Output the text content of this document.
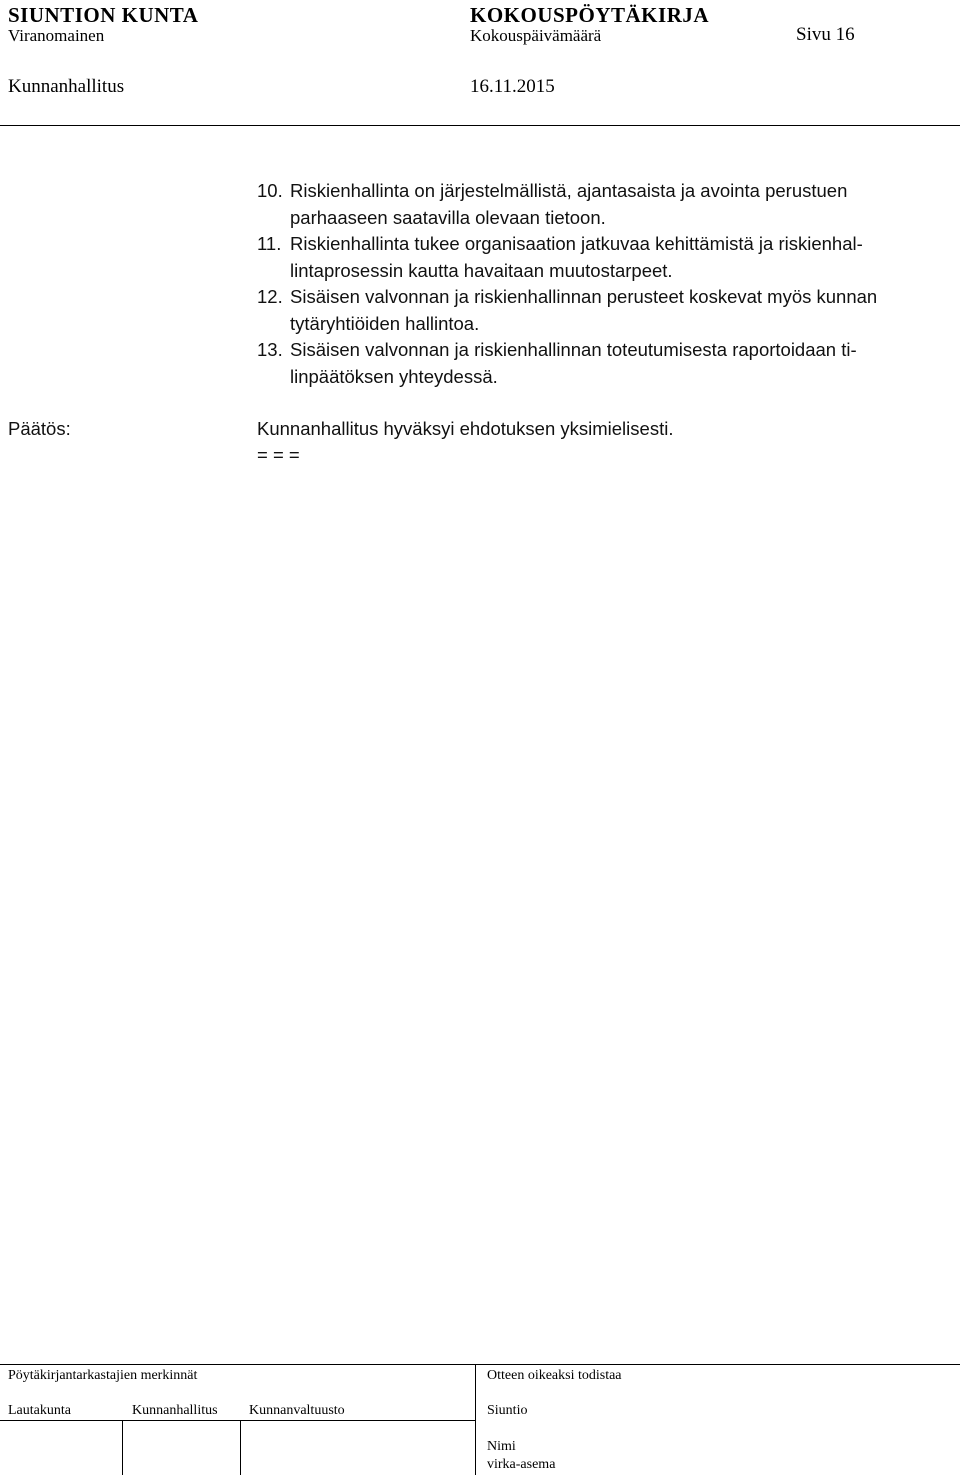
SIUNTION KUNTA	KOKOUSPÖYTÄKIRJA
Viranomainen	Kokouspäivämäärä	Sivu 16
Kunnanhallitus	16.11.2015
10. Riskienhallinta on järjestelmällistä, ajantasaista ja avointa perustuen parhaaseen saatavilla olevaan tietoon.
11. Riskienhallinta tukee organisaation jatkuvaa kehittämistä ja riskienhallintaprosessin kautta havaitaan muutostarpeet.
12. Sisäisen valvonnan ja riskienhallinnan perusteet koskevat myös kunnan tytäryhtiöiden hallintoa.
13. Sisäisen valvonnan ja riskienhallinnan toteutumisesta raportoidaan tilinpäätöksen yhteydessä.
Päätös:	Kunnanhallitus hyväksyi ehdotuksen yksimielisesti.
= = =
Pöytäkirjantarkastajien merkinnät	Otteen oikeaksi todistaa
Lautakunta	Kunnanhallitus Kunnanvaltuusto	Siuntio
Nimi
virka-asema
